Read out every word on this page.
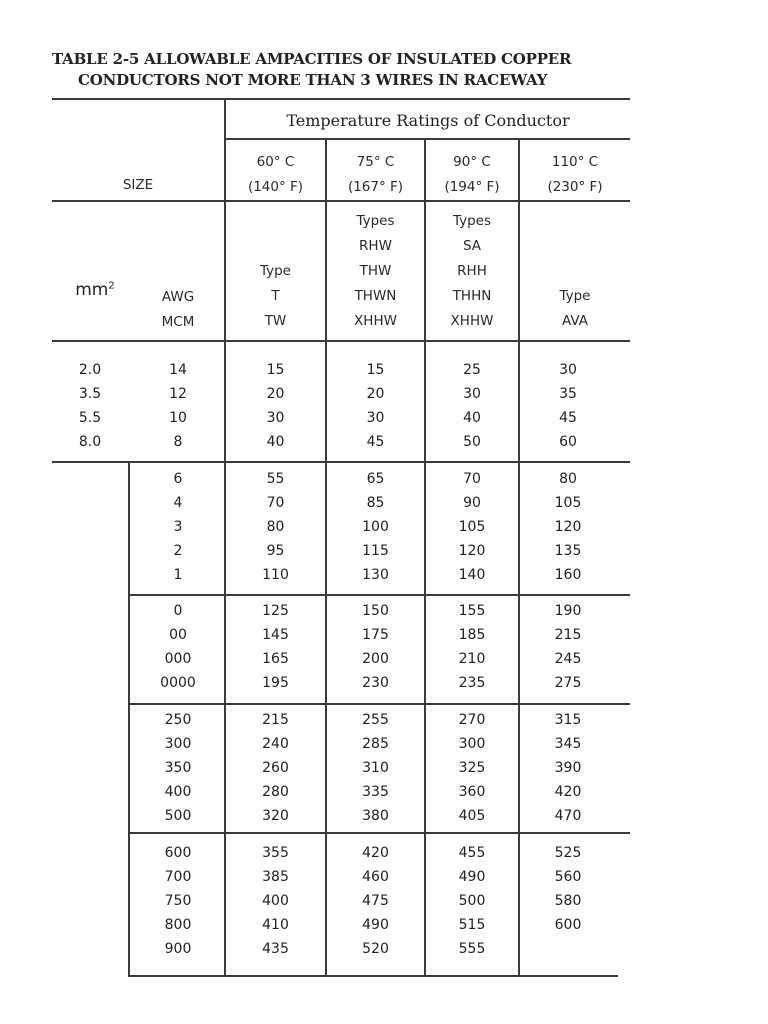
TABLE 2-5 ALLOWABLE AMPACITIES OF INSULATED COPPER
CONDUCTORS NOT MORE THAN 3 WIRES IN RACEWAY
Temperature Ratings of Conductor
SIZE
60° C
(140° F)
75° C
(167° F)
90° C
(194° F)
110° C
(230° F)
$mm^2$
AWG
MCM
Type
T
TW
Types
RHW
THW
THWN
XHHW
Types
SA
RHH
THHN
XHHW
Type
AVA
2.0
3.5
5.5
8.0
14
12
10
8
15
20
30
40
15
20
30
45
25
30
40
50
30
35
45
60
6
4
3
2
1
55
70
80
95
110
65
85
100
115
130
70
90
105
120
140
80
105
120
135
160
0
00
000
0000
125
145
165
195
150
175
200
230
155
185
210
235
190
215
245
275
250
300
350
400
500
215
240
260
280
320
255
285
310
335
380
270
300
325
360
405
315
345
390
420
470
600
700
750
800
900
355
385
400
410
435
420
460
475
490
520
455
490
500
515
555
525
560
580
600
